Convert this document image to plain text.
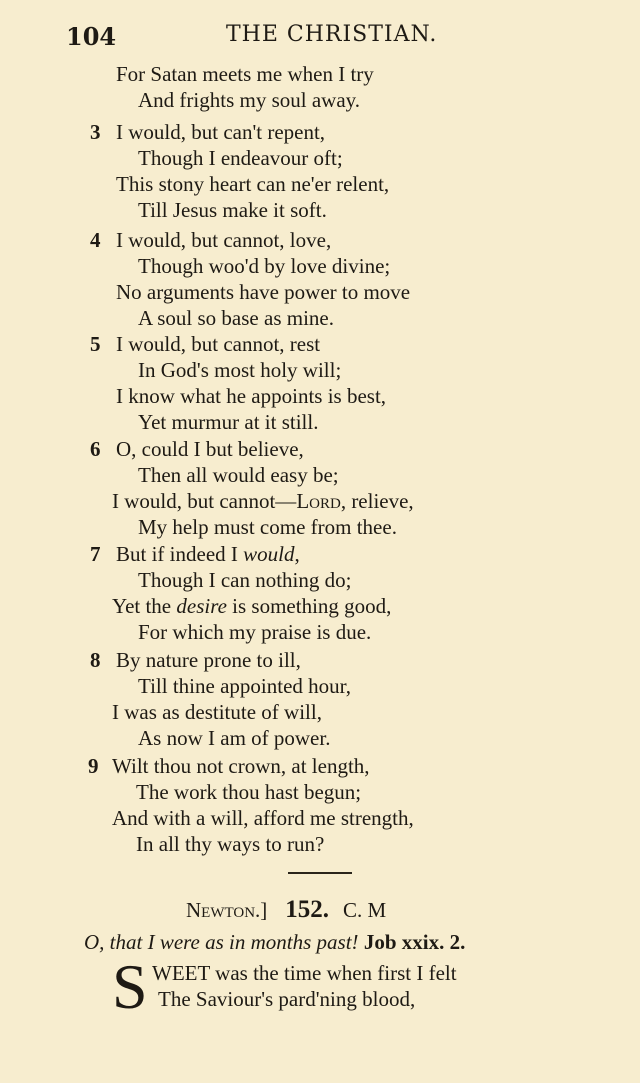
104	THE CHRISTIAN.
For Satan meets me when I try
And frights my soul away.
3 I would, but can't repent,
Though I endeavour oft;
This stony heart can ne'er relent,
Till Jesus make it soft.
4 I would, but cannot, love,
Though woo'd by love divine;
No arguments have power to move
A soul so base as mine.
5 I would, but cannot, rest
In God's most holy will;
I know what he appoints is best,
Yet murmur at it still.
6 O, could I but believe,
Then all would easy be;
I would, but cannot—Lord, relieve,
My help must come from thee.
7 But if indeed I would,
Though I can nothing do;
Yet the desire is something good,
For which my praise is due.
8 By nature prone to ill,
Till thine appointed hour,
I was as destitute of will,
As now I am of power.
9 Wilt thou not crown, at length,
The work thou hast begun;
And with a will, afford me strength,
In all thy ways to run?
Newton.] 152. C. M
O, that I were as in months past! Job xxix. 2.
S WEET was the time when first I felt
The Saviour's pard'ning blood,
